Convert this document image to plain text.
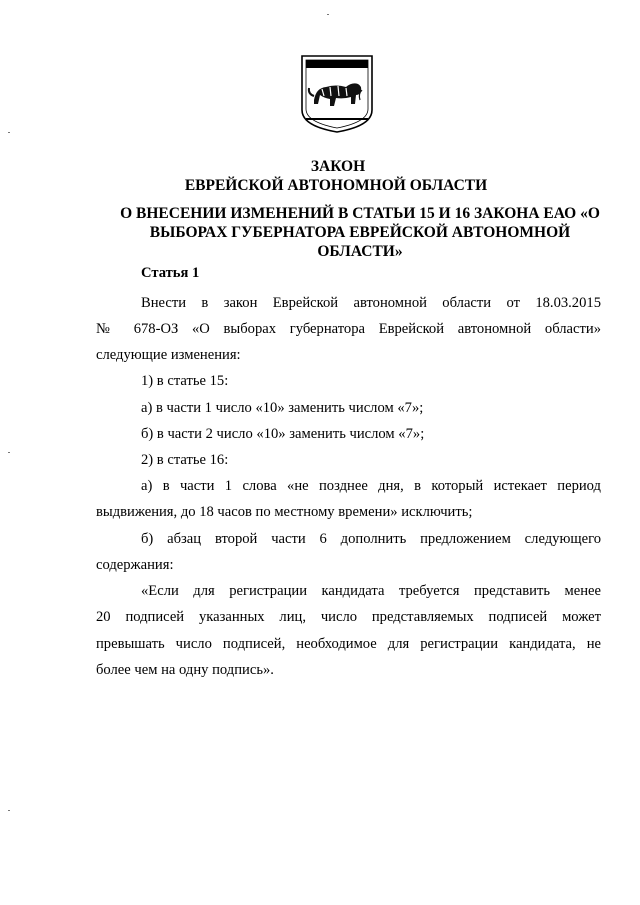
ЗАКОН
ЕВРЕЙСКОЙ АВТОНОМНОЙ ОБЛАСТИ
О ВНЕСЕНИИ ИЗМЕНЕНИЙ В СТАТЬИ 15 И 16 ЗАКОНА ЕАО «О
ВЫБОРАХ ГУБЕРНАТОРА ЕВРЕЙСКОЙ АВТОНОМНОЙ ОБЛАСТИ»
Статья 1
Внести в закон Еврейской автономной области от 18.03.2015
№ 678-ОЗ «О выборах губернатора Еврейской автономной области»
следующие изменения:
1) в статье 15:
а) в части 1 число «10» заменить числом «7»;
б) в части 2 число «10» заменить числом «7»;
2) в статье 16:
а) в части 1 слова «не позднее дня, в который истекает период
выдвижения, до 18 часов по местному времени» исключить;
б) абзац второй части 6 дополнить предложением следующего
содержания:
«Если для регистрации кандидата требуется представить менее
20 подписей указанных лиц, число представляемых подписей может
превышать число подписей, необходимое для регистрации кандидата, не
более чем на одну подпись».
